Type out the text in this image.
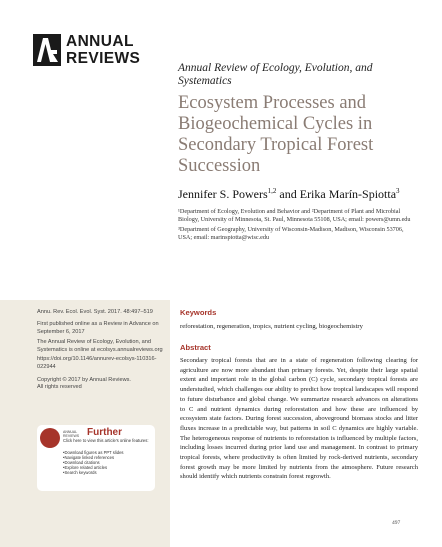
ANNUAL
REVIEWS
Annual Review of Ecology, Evolution, and Systematics
Ecosystem Processes and Biogeochemical Cycles in Secondary Tropical Forest Succession
Jennifer S. Powers$^{1,2}$ and Erika Marín-Spiotta$^3$
¹Department of Ecology, Evolution and Behavior and ²Department of Plant and Microbial Biology, University of Minnesota, St. Paul, Minnesota 55108, USA; email: powers@umn.edu
³Department of Geography, University of Wisconsin-Madison, Madison, Wisconsin 53706, USA; email: marinspiotta@wisc.edu
Annu. Rev. Ecol. Evol. Syst. 2017. 48:497–519
First published online as a Review in Advance on September 6, 2017
The Annual Review of Ecology, Evolution, and Systematics is online at ecolsys.annualreviews.org
https://doi.org/10.1146/annurev-ecolsys-110316-022944
Copyright © 2017 by Annual Reviews.
All rights reserved
ANNUAL
REVIEWS Further
Click here to view this article's online features:
• Download figures as PPT slides
• Navigate linked references
• Download citations
• Explore related articles
• Search keywords
Keywords
reforestation, regeneration, tropics, nutrient cycling, biogeochemistry
Abstract
Secondary tropical forests that are in a state of regeneration following clearing for agriculture are now more abundant than primary forests. Yet, despite their large spatial extent and important role in the global carbon (C) cycle, secondary tropical forests are understudied, which challenges our ability to predict how tropical landscapes will respond to future disturbance and global change. We summarize research advances on alterations to C and nutrient dynamics during reforestation and how these are influenced by ecosystem state factors. During forest succession, aboveground biomass stocks and litter fluxes increase in a predictable way, but patterns in soil C dynamics are highly variable. The heterogeneous response of nutrients to reforestation is influenced by multiple factors, including losses incurred during prior land use and management. In contrast to primary tropical forests, where productivity is often limited by rock-derived nutrients, secondary forest growth may be more limited by nutrients from the atmosphere. Future research should identify which nutrients constrain forest regrowth.
497
